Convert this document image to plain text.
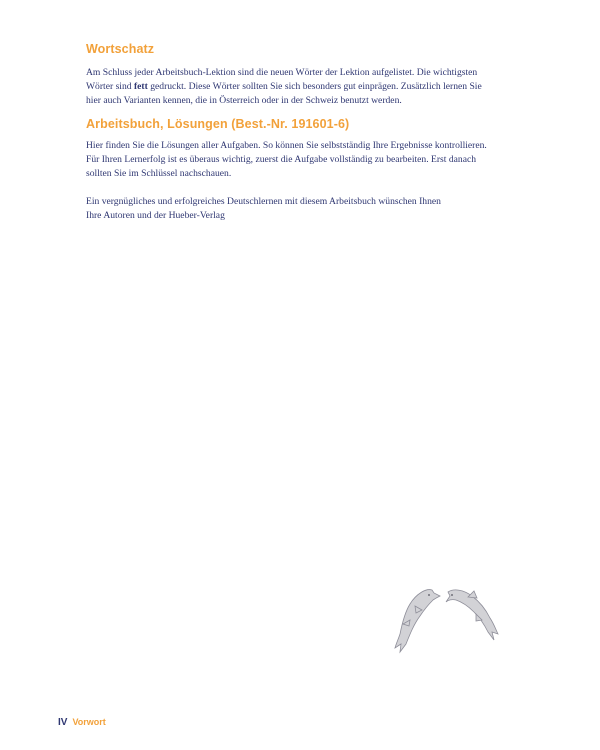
Wortschatz

Am Schluss jeder Arbeitsbuch-Lektion sind die neuen Wörter der Lektion aufgelistet. Die wichtigsten
Wörter sind fett gedruckt. Diese Wörter sollten Sie sich besonders gut einprägen. Zusätzlich lernen Sie
hier auch Varianten kennen, die in Österreich oder in der Schweiz benutzt werden.

Arbeitsbuch, Lösungen (Best.-Nr. 191601-6)

Hier finden Sie die Lösungen aller Aufgaben. So können Sie selbstständig Ihre Ergebnisse kontrollieren.
Für Ihren Lernerfolg ist es überaus wichtig, zuerst die Aufgabe vollständig zu bearbeiten. Erst danach
sollten Sie im Schlüssel nachschauen.

Ein vergnügliches und erfolgreiches Deutschlernen mit diesem Arbeitsbuch wünschen Ihnen
Ihre Autoren und der Hueber-Verlag

IV Vorwort
